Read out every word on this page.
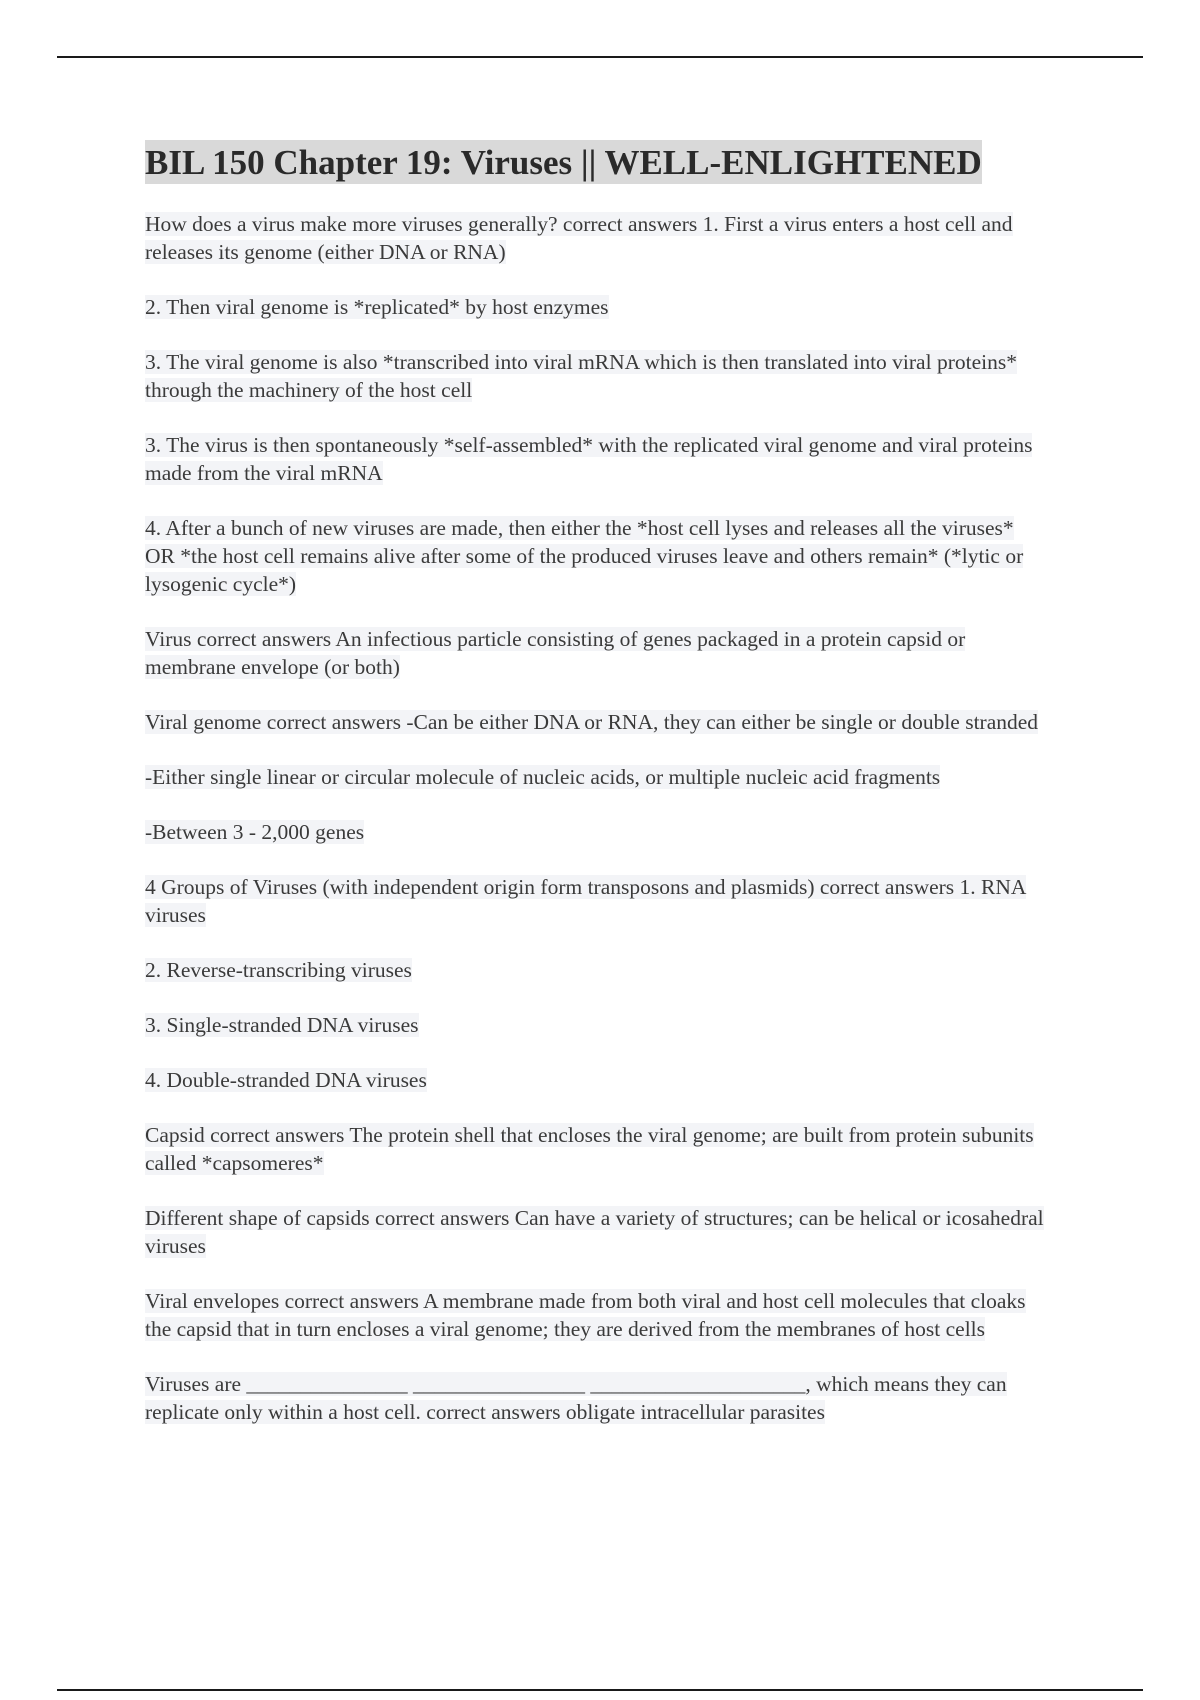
BIL 150 Chapter 19: Viruses || WELL-ENLIGHTENED
How does a virus make more viruses generally? correct answers 1. First a virus enters a host cell and releases its genome (either DNA or RNA)
2. Then viral genome is *replicated* by host enzymes
3. The viral genome is also *transcribed into viral mRNA which is then translated into viral proteins* through the machinery of the host cell
3. The virus is then spontaneously *self-assembled* with the replicated viral genome and viral proteins made from the viral mRNA
4. After a bunch of new viruses are made, then either the *host cell lyses and releases all the viruses* OR *the host cell remains alive after some of the produced viruses leave and others remain* (*lytic or lysogenic cycle*)
Virus correct answers An infectious particle consisting of genes packaged in a protein capsid or membrane envelope (or both)
Viral genome correct answers -Can be either DNA or RNA, they can either be single or double stranded
-Either single linear or circular molecule of nucleic acids, or multiple nucleic acid fragments
-Between 3 - 2,000 genes
4 Groups of Viruses (with independent origin form transposons and plasmids) correct answers 1. RNA viruses
2. Reverse-transcribing viruses
3. Single-stranded DNA viruses
4. Double-stranded DNA viruses
Capsid correct answers The protein shell that encloses the viral genome; are built from protein subunits called *capsomeres*
Different shape of capsids correct answers Can have a variety of structures; can be helical or icosahedral viruses
Viral envelopes correct answers A membrane made from both viral and host cell molecules that cloaks the capsid that in turn encloses a viral genome; they are derived from the membranes of host cells
Viruses are _______________ ________________ ____________________, which means they can replicate only within a host cell. correct answers obligate intracellular parasites
